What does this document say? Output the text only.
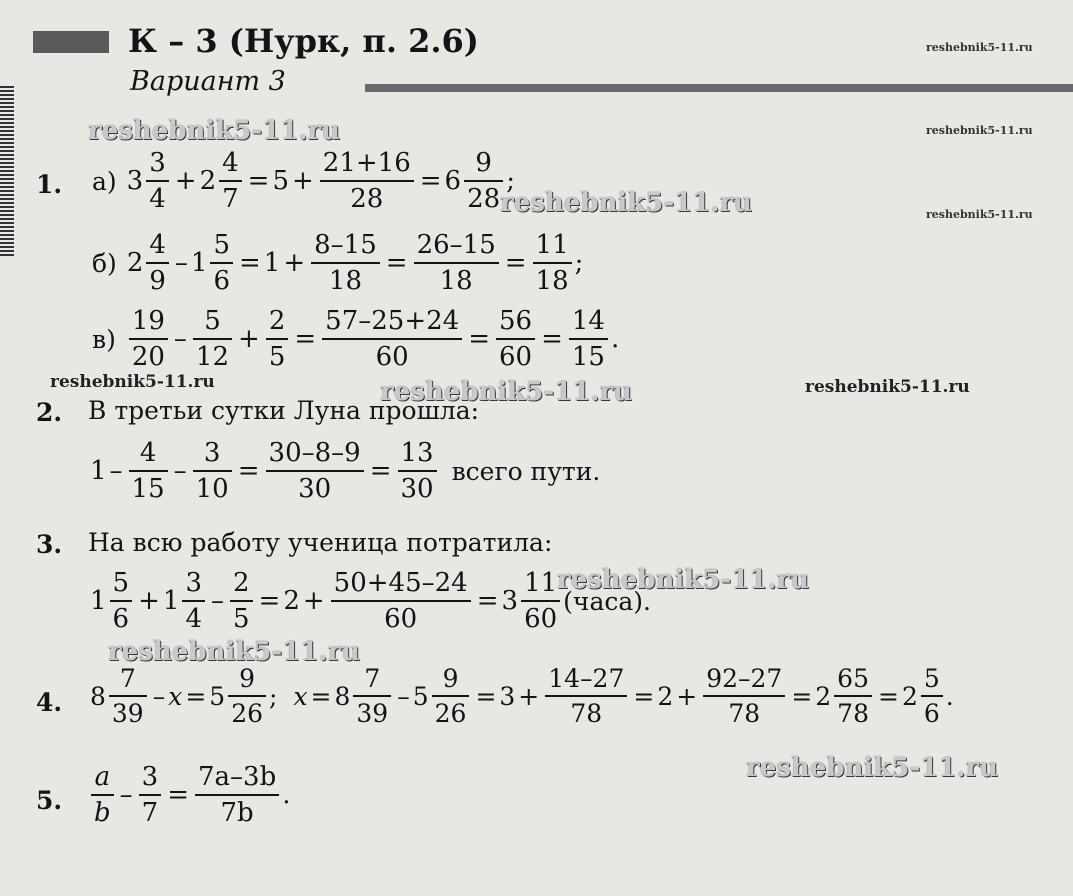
К – 3 (Нурк, п. 2.6)
Вариант 3
reshebnik5-11.ru
reshebnik5-11.ru
reshebnik5-11.ru
reshebnik5-11.ru
reshebnik5-11.ru
reshebnik5-11.ru	reshebnik5-11.ru	reshebnik5-11.ru
reshebnik5-11.ru
reshebnik5-11.ru
reshebnik5-11.ru
1. а) $3 \frac{3}{4} + 2 \frac{4}{7} = 5 + \frac{21+16}{28} = 6 \frac{9}{28}$ ;
б) $2 \frac{4}{9} - 1 \frac{5}{6} = 1 + \frac{8-15}{18} = \frac{26-15}{18} = \frac{11}{18}$ ;
$в) \frac{19}{20} - \frac{5}{12} + \frac{2}{5} = \frac{57-25+24}{60} = \frac{56}{60} = \frac{14}{15}$ .
2. В третьи сутки Луна прошла:
$1 - \frac{4}{15} - \frac{3}{10} = \frac{30-8-9}{30} = \frac{13}{30}$ всего пути.
3. На всю работу ученица потратила:
$1 \frac{5}{6} + 1 \frac{3}{4} - \frac{2}{5} = 2 + \frac{50+45-24}{60} = 3 \frac{11}{60}$ (часа).
4. $8 \frac{7}{39} - x = 5 \frac{9}{26}$ ; $x = 8 \frac{7}{39} - 5 \frac{9}{26} = 3 + \frac{14-27}{78} = 2 + \frac{92-27}{78} = 2 \frac{65}{78} = 2 \frac{5}{6}$ .
5. $\frac{a}{b} - \frac{3}{7} = \frac{7a-3b}{7b}$ .
